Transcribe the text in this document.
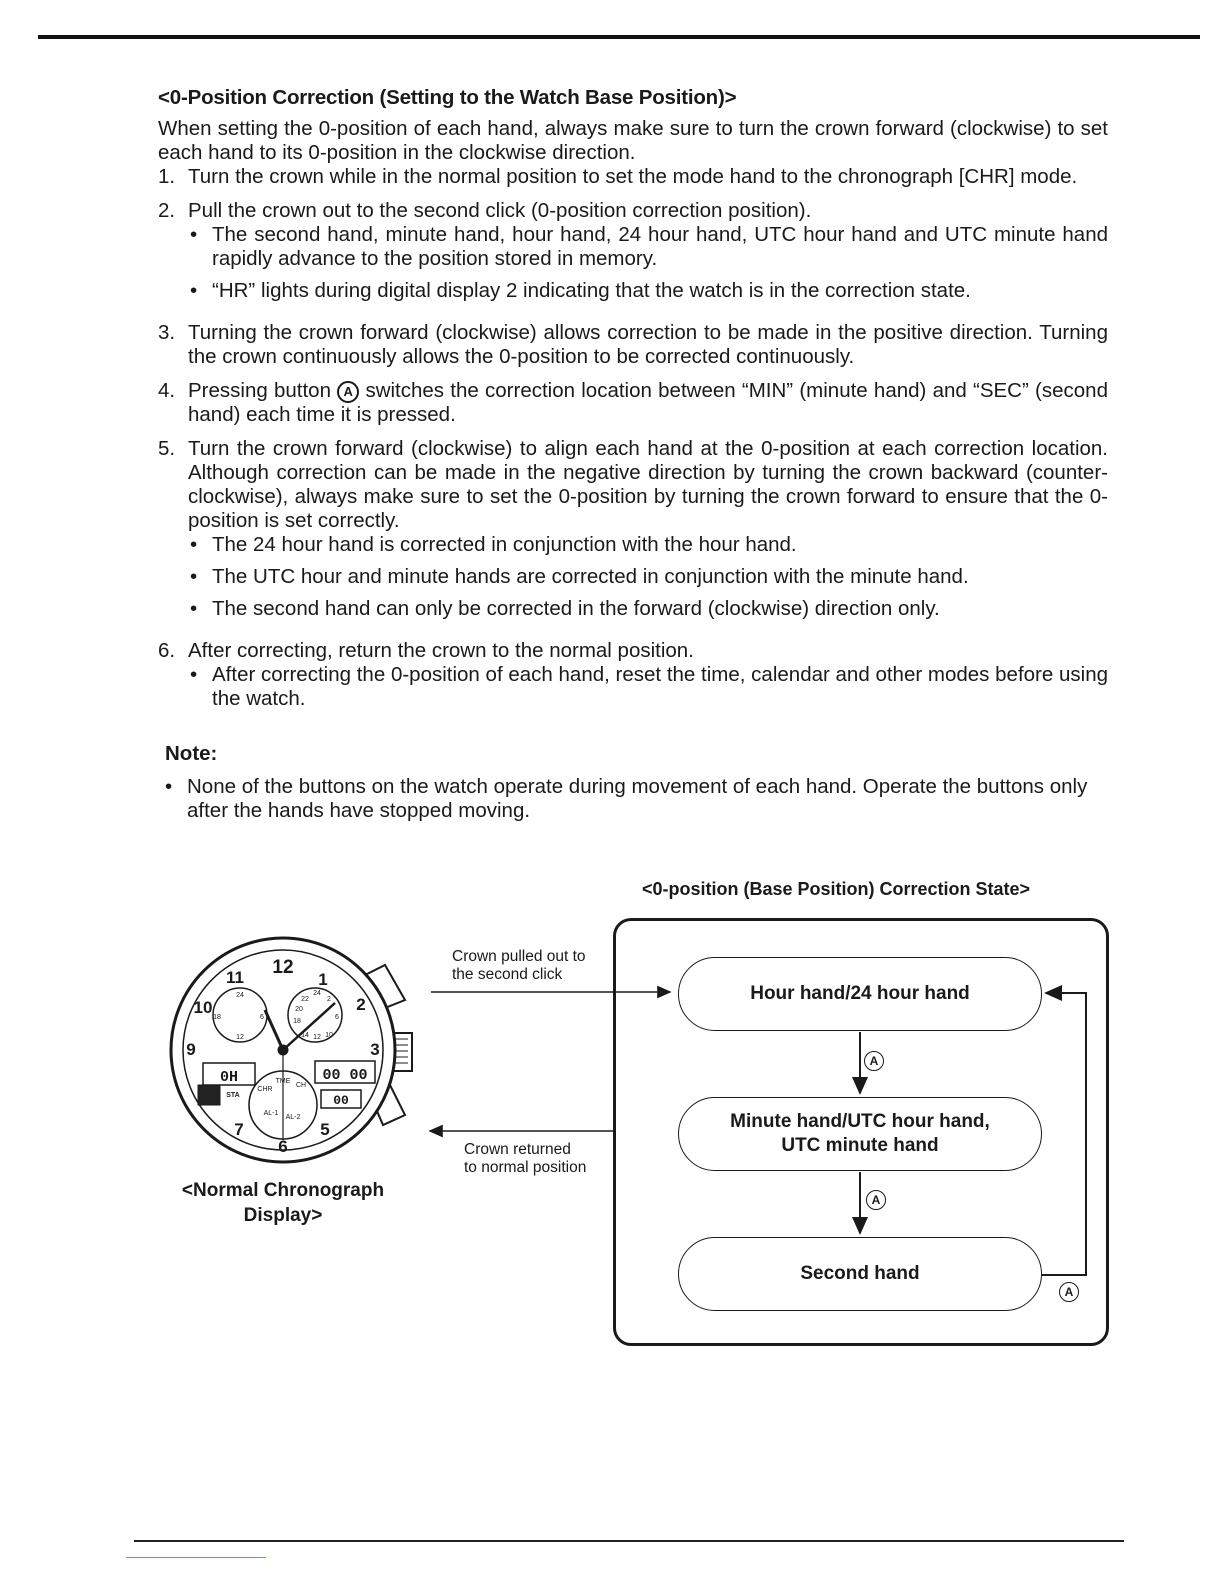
<0-Position Correction (Setting to the Watch Base Position)>
When setting the 0-position of each hand, always make sure to turn the crown forward (clockwise) to set each hand to its 0-position in the clockwise direction.
1. Turn the crown while in the normal position to set the mode hand to the chronograph [CHR] mode.
2. Pull the crown out to the second click (0-position correction position).
• The second hand, minute hand, hour hand, 24 hour hand, UTC hour hand and UTC minute hand rapidly advance to the position stored in memory.
• “HR” lights during digital display 2 indicating that the watch is in the correction state.
3. Turning the crown forward (clockwise) allows correction to be made in the positive direction. Turning the crown continuously allows the 0-position to be corrected continuously.
4. Pressing button A switches the correction location between “MIN” (minute hand) and “SEC” (second hand) each time it is pressed.
5. Turn the crown forward (clockwise) to align each hand at the 0-position at each correction location. Although correction can be made in the negative direction by turning the crown backward (counter-clockwise), always make sure to set the 0-position by turning the crown forward to ensure that the 0-position is set correctly.
• The 24 hour hand is corrected in conjunction with the hour hand.
• The UTC hour and minute hands are corrected in conjunction with the minute hand.
• The second hand can only be corrected in the forward (clockwise) direction only.
6. After correcting, return the crown to the normal position.
• After correcting the 0-position of each hand, reset the time, calendar and other modes before using the watch.
Note:
• None of the buttons on the watch operate during movement of each hand. Operate the buttons only after the hands have stopped moving.
<0-position (Base Position) Correction State>
Hour hand/24 hour hand
Minute hand/UTC hour hand,
UTC minute hand
Second hand
A
A
A
Crown pulled out to
the second click
Crown returned
to normal position
12
1
2
3
5
6
7
9
10
11
0H
STA
00 00
00
24
6
12
18
22
24
2
20
18
6
14 12 10
TME
CH
CHR
AL-1
AL-2
<Normal Chronograph
Display>
